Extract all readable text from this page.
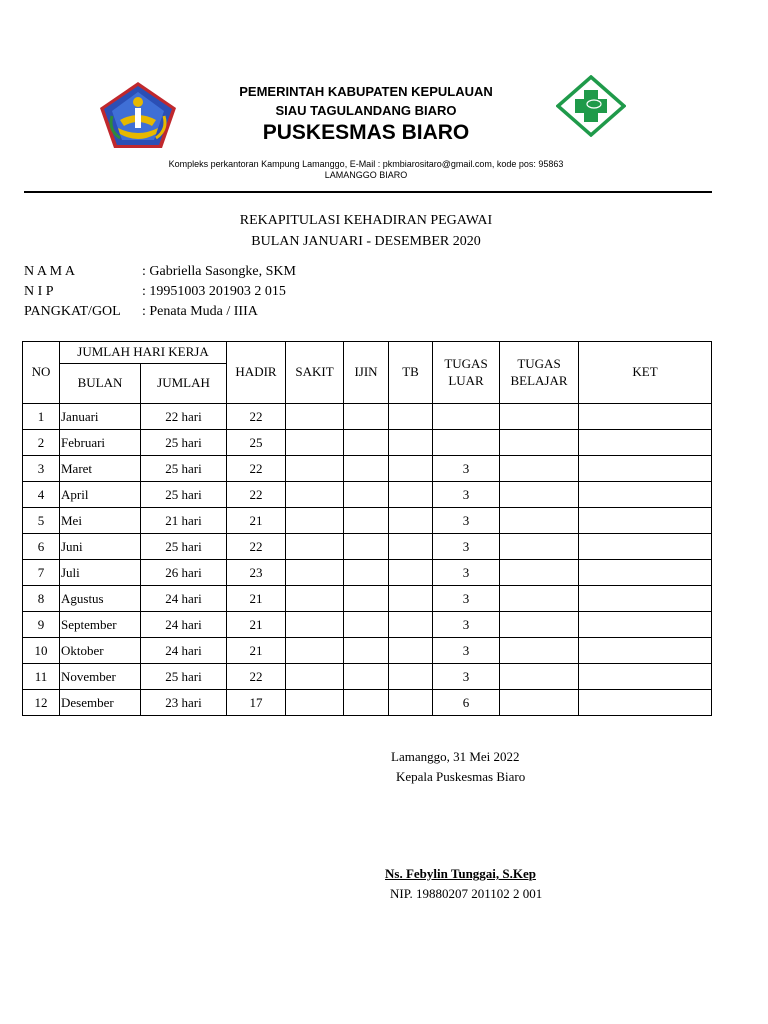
PEMERINTAH KABUPATEN KEPULAUAN
SIAU TAGULANDANG BIARO
PUSKESMAS BIARO
Kompleks perkantoran Kampung Lamanggo, E-Mail : pkmbiarositaro@gmail.com, kode pos: 95863
LAMANGGO BIARO
REKAPITULASI KEHADIRAN PEGAWAI
BULAN JANUARI - DESEMBER 2020
N A M A	: Gabriella Sasongke, SKM
N I P	: 19951003 201903 2 015
PANGKAT/GOL : Penata Muda / IIIA
NO	JUMLAH HARI KERJA		HADIR	SAKIT	IJIN	TB	TUGAS LUAR	TUGAS BELAJAR	KET
	BULAN	JUMLAH							
1	Januari	22 hari	22						
2	Februari	25 hari	25						
3	Maret	25 hari	22				3		
4	April	25 hari	22				3		
5	Mei	21 hari	21				3		
6	Juni	25 hari	22				3		
7	Juli	26 hari	23				3		
8	Agustus	24 hari	21				3		
9	September	24 hari	21				3		
10	Oktober	24 hari	21				3		
11	November	25 hari	22				3		
12	Desember	23 hari	17				6		
Lamanggo, 31 Mei 2022
Kepala Puskesmas Biaro
Ns. Febylin Tunggai, S.Kep
NIP. 19880207 201102 2 001
